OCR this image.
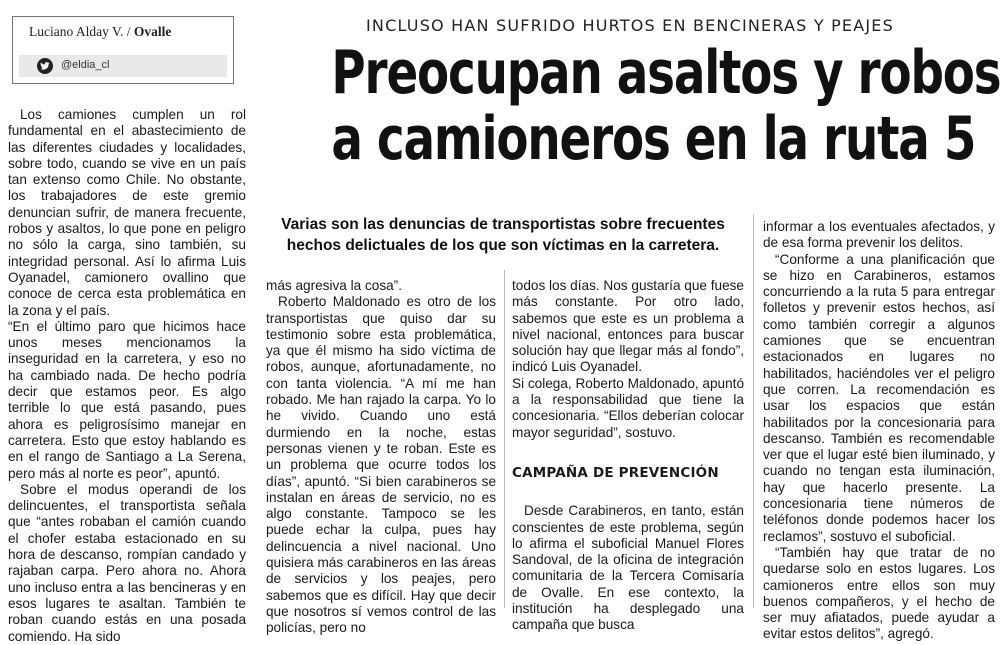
Luciano Alday V. / Ovalle
@eldia_cl
INCLUSO HAN SUFRIDO HURTOS EN BENCINERAS Y PEAJES
Preocupan asaltos y robos
a camioneros en la ruta 5
Varias son las denuncias de transportistas sobre frecuentes hechos delictuales de los que son víctimas en la carretera.

Los camiones cumplen un rol fundamental en el abastecimiento de las diferentes ciudades y localidades, sobre todo, cuando se vive en un país tan extenso como Chile. No obstante, los trabajadores de este gremio denuncian sufrir, de manera frecuente, robos y asaltos, lo que pone en peligro no sólo la carga, sino también, su integridad personal. Así lo afirma Luis Oyanadel, camionero ovallino que conoce de cerca esta problemática en la zona y el país.

“En el último paro que hicimos hace unos meses mencionamos la inseguridad en la carretera, y eso no ha cambiado nada. De hecho podría decir que estamos peor. Es algo terrible lo que está pasando, pues ahora es peligrosísimo manejar en carretera. Esto que estoy hablando es en el rango de Santiago a La Serena, pero más al norte es peor”, apuntó.

Sobre el modus operandi de los delincuentes, el transportista señala que “antes robaban el camión cuando el chofer estaba estacionado en su hora de descanso, rompían candado y rajaban carpa. Pero ahora no. Ahora uno incluso entra a las bencineras y en esos lugares te asaltan. También te roban cuando estás en una posada comiendo. Ha sido

más agresiva la cosa”.

Roberto Maldonado es otro de los transportistas que quiso dar su testimonio sobre esta problemática, ya que él mismo ha sido víctima de robos, aunque, afortunadamente, no con tanta violencia. “A mí me han robado. Me han rajado la carpa. Yo lo he vivido. Cuando uno está durmiendo en la noche, estas personas vienen y te roban. Este es un problema que ocurre todos los días”, apuntó. “Si bien carabineros se instalan en áreas de servicio, no es algo constante. Tampoco se les puede echar la culpa, pues hay delincuencia a nivel nacional. Uno quisiera más carabineros en las áreas de servicios y los peajes, pero sabemos que es difícil. Hay que decir que nosotros sí vemos control de las policías, pero no

todos los días. Nos gustaría que fuese más constante. Por otro lado, sabemos que este es un problema a nivel nacional, entonces para buscar solución hay que llegar más al fondo”, indicó Luis Oyanadel.

Si colega, Roberto Maldonado, apuntó a la responsabilidad que tiene la concesionaria. “Ellos deberían colocar mayor seguridad”, sostuvo.

CAMPAÑA DE PREVENCIÓN

Desde Carabineros, en tanto, están conscientes de este problema, según lo afirma el suboficial Manuel Flores Sandoval, de la oficina de integración comunitaria de la Tercera Comisaría de Ovalle. En ese contexto, la institución ha desplegado una campaña que busca

informar a los eventuales afectados, y de esa forma prevenir los delitos.

“Conforme a una planificación que se hizo en Carabineros, estamos concurriendo a la ruta 5 para entregar folletos y prevenir estos hechos, así como también corregir a algunos camiones que se encuentran estacionados en lugares no habilitados, haciéndoles ver el peligro que corren. La recomendación es usar los espacios que están habilitados por la concesionaria para descanso. También es recomendable ver que el lugar esté bien iluminado, y cuando no tengan esta iluminación, hay que hacerlo presente. La concesionaria tiene números de teléfonos donde podemos hacer los reclamos”, sostuvo el suboficial.

“También hay que tratar de no quedarse solo en estos lugares. Los camioneros entre ellos son muy buenos compañeros, y el hecho de ser muy afiatados, puede ayudar a evitar estos delitos”, agregó.
